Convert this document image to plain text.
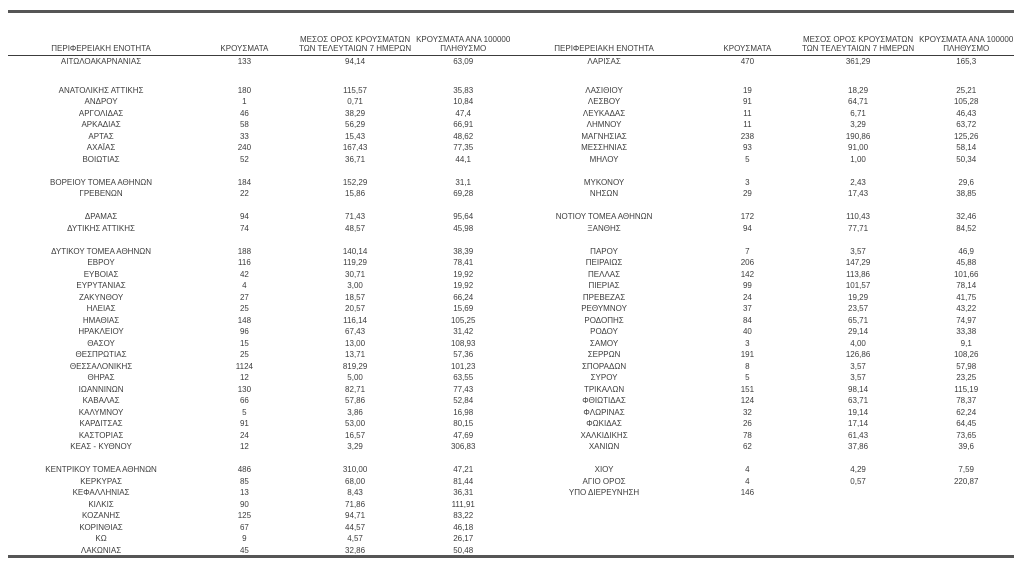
ΠΕΡΙΦΕΡΕΙΑΚΗ ΕΝΟΤΗΤΑ	ΚΡΟΥΣΜΑΤΑ	ΜΕΣΟΣ ΟΡΟΣ ΚΡΟΥΣΜΑΤΩΝ
ΤΩΝ ΤΕΛΕΥΤΑΙΩΝ 7 ΗΜΕΡΩΝ	ΚΡΟΥΣΜΑΤΑ ΑΝΑ 100000
ΠΛΗΘΥΣΜΟ

ΑΙΤΩΛΟΑΚΑΡΝΑΝΙΑΣ	133	94,14	63,09

ΑΝΑΤΟΛΙΚΗΣ ΑΤΤΙΚΗΣ	180	115,57	35,83
ΑΝΔΡΟΥ	1	0,71	10,84
ΑΡΓΟΛΙΔΑΣ	46	38,29	47,4
ΑΡΚΑΔΙΑΣ	58	56,29	66,91
ΑΡΤΑΣ	33	15,43	48,62
ΑΧΑΪΑΣ	240	167,43	77,35
ΒΟΙΩΤΙΑΣ	52	36,71	44,1

ΒΟΡΕΙΟΥ ΤΟΜΕΑ ΑΘΗΝΩΝ	184	152,29	31,1
ΓΡΕΒΕΝΩΝ	22	15,86	69,28

ΔΡΑΜΑΣ	94	71,43	95,64
ΔΥΤΙΚΗΣ ΑΤΤΙΚΗΣ	74	48,57	45,98

ΔΥΤΙΚΟΥ ΤΟΜΕΑ ΑΘΗΝΩΝ	188	140,14	38,39
ΕΒΡΟΥ	116	119,29	78,41
ΕΥΒΟΙΑΣ	42	30,71	19,92
ΕΥΡΥΤΑΝΙΑΣ	4	3,00	19,92
ΖΑΚΥΝΘΟΥ	27	18,57	66,24
ΗΛΕΙΑΣ	25	20,57	15,69
ΗΜΑΘΙΑΣ	148	116,14	105,25
ΗΡΑΚΛΕΙΟΥ	96	67,43	31,42
ΘΑΣΟΥ	15	13,00	108,93
ΘΕΣΠΡΩΤΙΑΣ	25	13,71	57,36
ΘΕΣΣΑΛΟΝΙΚΗΣ	1124	819,29	101,23
ΘΗΡΑΣ	12	5,00	63,55
ΙΩΑΝΝΙΝΩΝ	130	82,71	77,43
ΚΑΒΑΛΑΣ	66	57,86	52,84
ΚΑΛΥΜΝΟΥ	5	3,86	16,98
ΚΑΡΔΙΤΣΑΣ	91	53,00	80,15
ΚΑΣΤΟΡΙΑΣ	24	16,57	47,69
ΚΕΑΣ - ΚΥΘΝΟΥ	12	3,29	306,83

ΚΕΝΤΡΙΚΟΥ ΤΟΜΕΑ ΑΘΗΝΩΝ	486	310,00	47,21
ΚΕΡΚΥΡΑΣ	85	68,00	81,44
ΚΕΦΑΛΛΗΝΙΑΣ	13	8,43	36,31
ΚΙΛΚΙΣ	90	71,86	111,91
ΚΟΖΑΝΗΣ	125	94,71	83,22
ΚΟΡΙΝΘΙΑΣ	67	44,57	46,18
ΚΩ	9	4,57	26,17
ΛΑΚΩΝΙΑΣ	45	32,86	50,48
ΠΕΡΙΦΕΡΕΙΑΚΗ ΕΝΟΤΗΤΑ	ΚΡΟΥΣΜΑΤΑ	ΜΕΣΟΣ ΟΡΟΣ ΚΡΟΥΣΜΑΤΩΝ
ΤΩΝ ΤΕΛΕΥΤΑΙΩΝ 7 ΗΜΕΡΩΝ	ΚΡΟΥΣΜΑΤΑ ΑΝΑ 100000
ΠΛΗΘΥΣΜΟ

ΛΑΡΙΣΑΣ	470	361,29	165,3

ΛΑΣΙΘΙΟΥ	19	18,29	25,21
ΛΕΣΒΟΥ	91	64,71	105,28
ΛΕΥΚΑΔΑΣ	11	6,71	46,43
ΛΗΜΝΟΥ	11	3,29	63,72
ΜΑΓΝΗΣΙΑΣ	238	190,86	125,26
ΜΕΣΣΗΝΙΑΣ	93	91,00	58,14
ΜΗΛΟΥ	5	1,00	50,34

ΜΥΚΟΝΟΥ	3	2,43	29,6
ΝΗΣΩΝ	29	17,43	38,85

ΝΟΤΙΟΥ ΤΟΜΕΑ ΑΘΗΝΩΝ	172	110,43	32,46
ΞΑΝΘΗΣ	94	77,71	84,52

ΠΑΡΟΥ	7	3,57	46,9
ΠΕΙΡΑΙΩΣ	206	147,29	45,88
ΠΕΛΛΑΣ	142	113,86	101,66
ΠΙΕΡΙΑΣ	99	101,57	78,14
ΠΡΕΒΕΖΑΣ	24	19,29	41,75
ΡΕΘΥΜΝΟΥ	37	23,57	43,22
ΡΟΔΟΠΗΣ	84	65,71	74,97
ΡΟΔΟΥ	40	29,14	33,38
ΣΑΜΟΥ	3	4,00	9,1
ΣΕΡΡΩΝ	191	126,86	108,26
ΣΠΟΡΑΔΩΝ	8	3,57	57,98
ΣΥΡΟΥ	5	3,57	23,25
ΤΡΙΚΑΛΩΝ	151	98,14	115,19
ΦΘΙΩΤΙΔΑΣ	124	63,71	78,37
ΦΛΩΡΙΝΑΣ	32	19,14	62,24
ΦΩΚΙΔΑΣ	26	17,14	64,45
ΧΑΛΚΙΔΙΚΗΣ	78	61,43	73,65
ΧΑΝΙΩΝ	62	37,86	39,6

ΧΙΟΥ	4	4,29	7,59
ΑΓΙΟ ΟΡΟΣ	4	0,57	220,87
ΥΠΟ ΔΙΕΡΕΥΝΗΣΗ	146		
